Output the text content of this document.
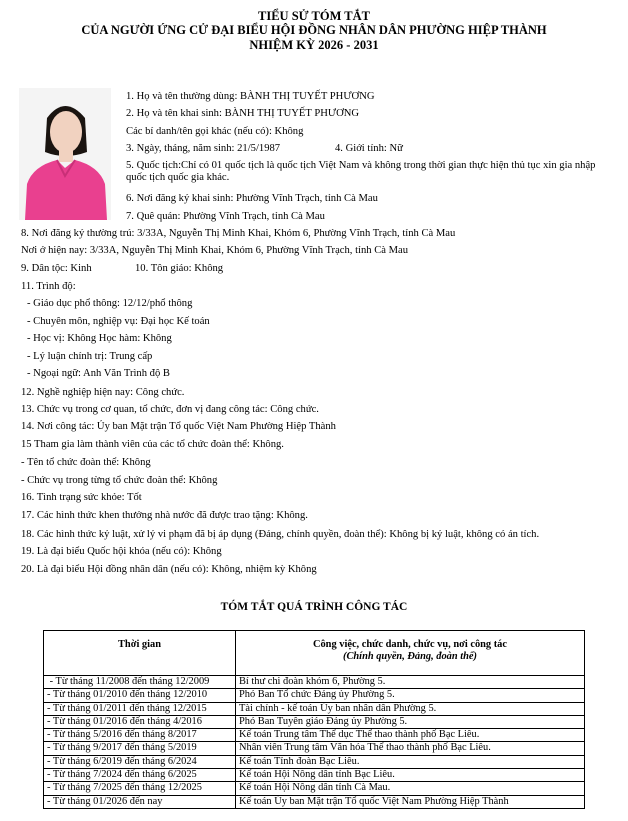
TIỂU SỬ TÓM TẮT
CỦA NGƯỜI ỨNG CỬ ĐẠI BIỂU HỘI ĐỒNG NHÂN DÂN PHƯỜNG HIỆP THÀNH
NHIỆM KỲ 2026 - 2031
1. Họ và tên thường dùng: BÀNH THỊ TUYẾT PHƯƠNG
2. Họ và tên khai sinh: BÀNH THỊ TUYẾT PHƯƠNG
Các bí danh/tên gọi khác (nếu có): Không
3. Ngày, tháng, năm sinh: 21/5/1987	4. Giới tính: Nữ
5. Quốc tịch:Chỉ có 01 quốc tịch là quốc tịch Việt Nam và không trong thời gian thực hiện thủ tục xin gia nhập quốc tịch quốc gia khác.
6. Nơi đăng ký khai sinh: Phường Vĩnh Trạch, tỉnh Cà Mau
7. Quê quán: Phường Vĩnh Trạch, tỉnh Cà Mau
8. Nơi đăng ký thường trú: 3/33A, Nguyễn Thị Minh Khai, Khóm 6, Phường Vĩnh Trạch, tỉnh Cà Mau
Nơi ở hiện nay: 3/33A, Nguyễn Thị Minh Khai, Khóm 6, Phường Vĩnh Trạch, tỉnh Cà Mau
9. Dân tộc: Kinh	10. Tôn giáo: Không
11. Trình độ:
- Giáo dục phổ thông: 12/12/phổ thông
- Chuyên môn, nghiệp vụ: Đại học Kế toán
- Học vị: Không Học hàm: Không
- Lý luận chính trị: Trung cấp
- Ngoại ngữ: Anh Văn Trình độ B
12. Nghề nghiệp hiện nay: Công chức.
13. Chức vụ trong cơ quan, tổ chức, đơn vị đang công tác: Công chức.
14. Nơi công tác: Ủy ban Mặt trận Tổ quốc Việt Nam Phường Hiệp Thành
15 Tham gia làm thành viên của các tổ chức đoàn thể: Không.
- Tên tổ chức đoàn thể: Không
- Chức vụ trong từng tổ chức đoàn thể: Không
16. Tình trạng sức khỏe: Tốt
17. Các hình thức khen thưởng nhà nước đã được trao tặng: Không.
18. Các hình thức kỷ luật, xử lý vi phạm đã bị áp dụng (Đảng, chính quyền, đoàn thể): Không bị kỷ luật, không có án tích.
19. Là đại biểu Quốc hội khóa (nếu có): Không
20. Là đại biểu Hội đồng nhân dân (nếu có): Không, nhiệm kỳ Không
TÓM TẮT QUÁ TRÌNH CÔNG TÁC
Thời gian	Công việc, chức danh, chức vụ, nơi công tác
(Chính quyền, Đảng, đoàn thể)

- Từ tháng 11/2008 đến tháng 12/2009	Bí thư chi đoàn khóm 6, Phường 5.
- Từ tháng 01/2010 đến tháng 12/2010	Phó Ban Tổ chức Đảng ủy Phường 5.
- Từ tháng 01/2011 đến tháng 12/2015	Tài chính - kế toán Ủy ban nhân dân Phường 5.
- Từ tháng 01/2016 đến tháng 4/2016	Phó Ban Tuyên giáo Đảng ủy Phường 5.
- Từ tháng 5/2016 đến tháng 8/2017	Kế toán Trung tâm Thể dục Thể thao thành phố Bạc Liêu.
- Từ tháng 9/2017 đến tháng 5/2019	Nhân viên Trung tâm Văn hóa Thể thao thành phố Bạc Liêu.
- Từ tháng 6/2019 đến tháng 6/2024	Kế toán Tỉnh đoàn Bạc Liêu.
- Từ tháng 7/2024 đến tháng 6/2025	Kế toán Hội Nông dân tỉnh Bạc Liêu.
- Từ tháng 7/2025 đến tháng 12/2025	Kế toán Hội Nông dân tỉnh Cà Mau.
- Từ tháng 01/2026 đến nay	Kế toán Ủy ban Mặt trận Tổ quốc Việt Nam Phường Hiệp Thành
